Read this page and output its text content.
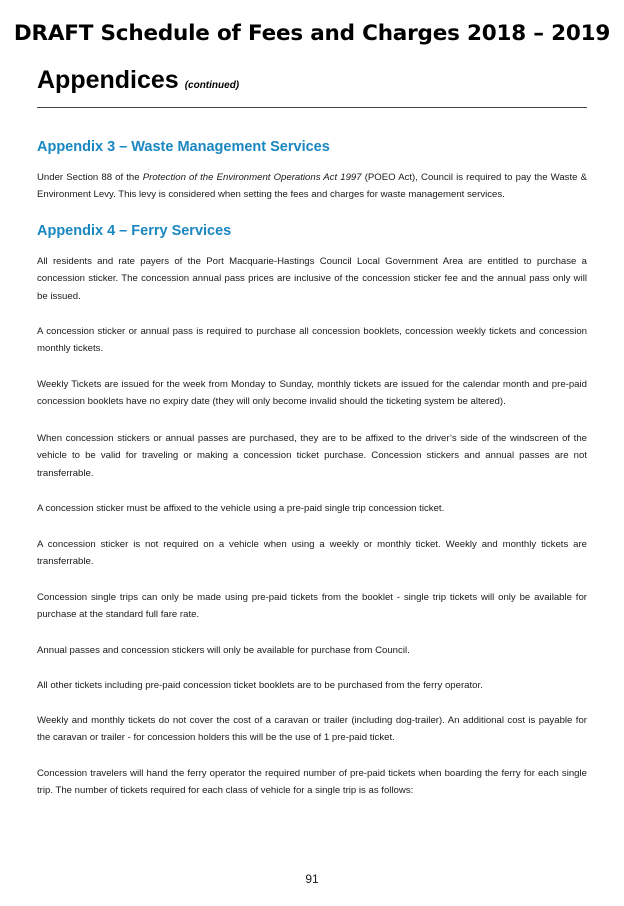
DRAFT Schedule of Fees and Charges 2018 – 2019
Appendices (continued)
Appendix 3 – Waste Management Services
Under Section 88 of the Protection of the Environment Operations Act 1997 (POEO Act), Council is required to pay the Waste & Environment Levy. This levy is considered when setting the fees and charges for waste management services.
Appendix 4 – Ferry Services
All residents and rate payers of the Port Macquarie-Hastings Council Local Government Area are entitled to purchase a concession sticker. The concession annual pass prices are inclusive of the concession sticker fee and the annual pass only will be issued.
A concession sticker or annual pass is required to purchase all concession booklets, concession weekly tickets and concession monthly tickets.
Weekly Tickets are issued for the week from Monday to Sunday, monthly tickets are issued for the calendar month and pre-paid concession booklets have no expiry date (they will only become invalid should the ticketing system be altered).
When concession stickers or annual passes are purchased, they are to be affixed to the driver’s side of the windscreen of the vehicle to be valid for traveling or making a concession ticket purchase. Concession stickers and annual passes are not transferrable.
A concession sticker must be affixed to the vehicle using a pre-paid single trip concession ticket.
A concession sticker is not required on a vehicle when using a weekly or monthly ticket. Weekly and monthly tickets are transferrable.
Concession single trips can only be made using pre-paid tickets from the booklet - single trip tickets will only be available for purchase at the standard full fare rate.
Annual passes and concession stickers will only be available for purchase from Council.
All other tickets including pre-paid concession ticket booklets are to be purchased from the ferry operator.
Weekly and monthly tickets do not cover the cost of a caravan or trailer (including dog-trailer). An additional cost is payable for the caravan or trailer - for concession holders this will be the use of 1 pre-paid ticket.
Concession travelers will hand the ferry operator the required number of pre-paid tickets when boarding the ferry for each single trip. The number of tickets required for each class of vehicle for a single trip is as follows:
91
